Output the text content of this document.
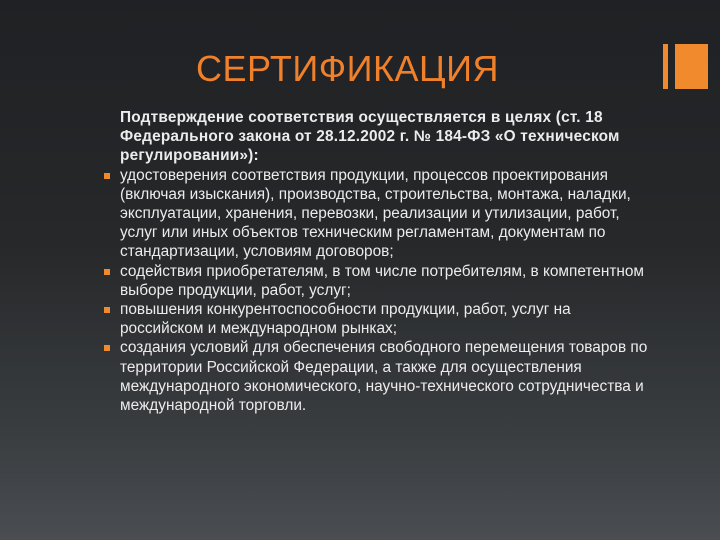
СЕРТИФИКАЦИЯ

Подтверждение соответствия осуществляется в целях (ст. 18 Федерального закона от 28.12.2002 г. № 184-ФЗ «О техническом регулировании»):

удостоверения соответствия продукции, процессов проектирования (включая изыскания), производства, строительства, монтажа, наладки, эксплуатации, хранения, перевозки, реализации и утилизации, работ, услуг или иных объектов техническим регламентам, документам по стандартизации, условиям договоров;
содействия приобретателям, в том числе потребителям, в компетентном выборе продукции, работ, услуг;
повышения конкурентоспособности продукции, работ, услуг на российском и международном рынках;
создания условий для обеспечения свободного перемещения товаров по территории Российской Федерации, а также для осуществления международного экономического, научно-технического сотрудничества и международной торговли.
